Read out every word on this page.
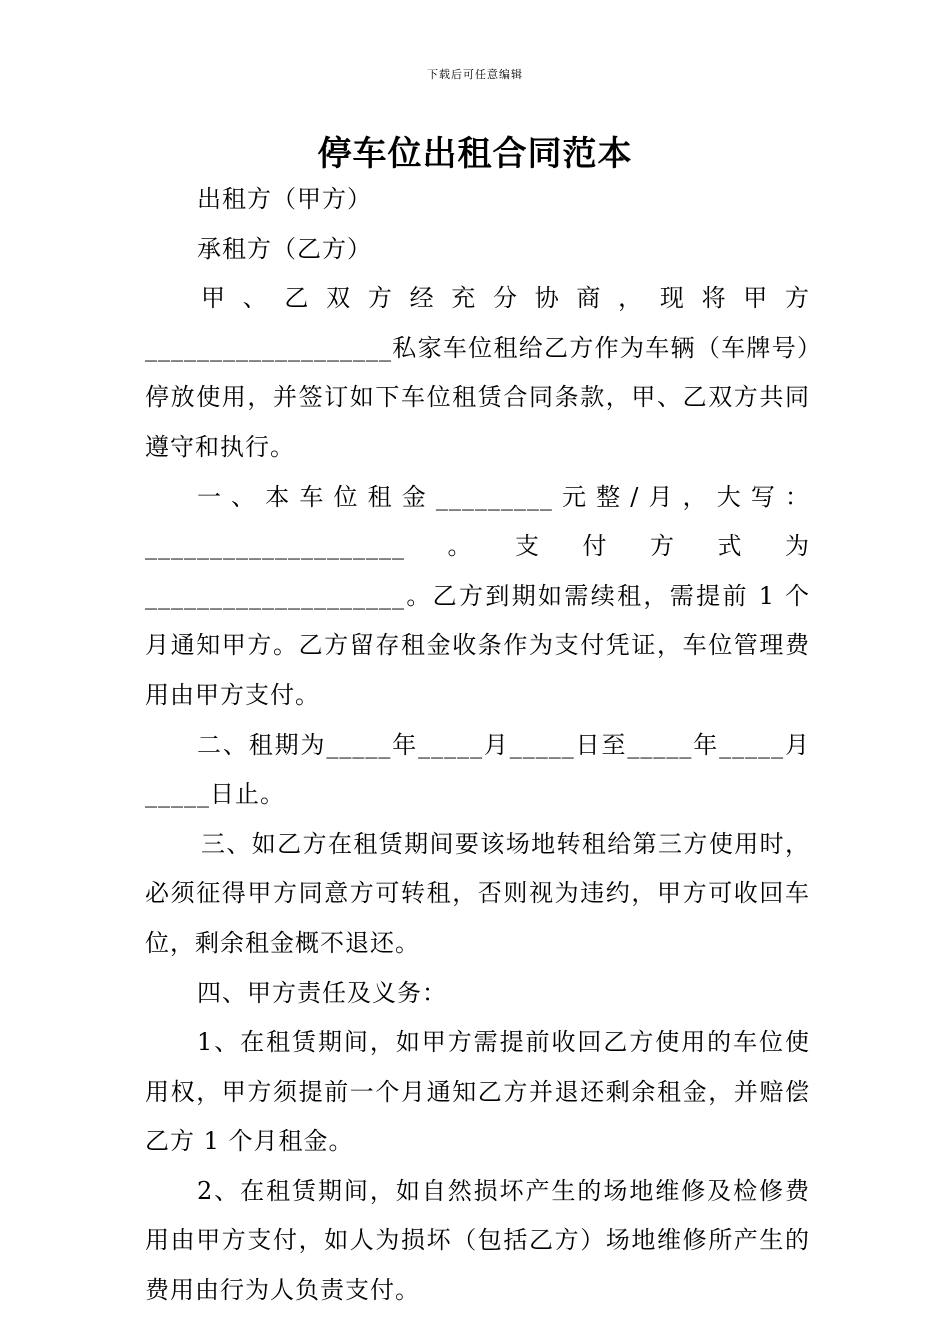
下载后可任意编辑
停车位出租合同范本

出租方（甲方）

承租方（乙方）

甲、乙双方经充分协商，现将甲方___________________私家车位租给乙方作为车辆（车牌号）停放使用，并签订如下车位租赁合同条款，甲、乙双方共同遵守和执行。

一、本车位租金_________元整/月，大写：____________________。支付方式为____________________。乙方到期如需续租，需提前 1 个月通知甲方。乙方留存租金收条作为支付凭证，车位管理费用由甲方支付。

二、租期为_____年_____月_____日至_____年_____月_____日止。

三、如乙方在租赁期间要该场地转租给第三方使用时，必须征得甲方同意方可转租，否则视为违约，甲方可收回车位，剩余租金概不退还。

四、甲方责任及义务：

1、在租赁期间，如甲方需提前收回乙方使用的车位使用权，甲方须提前一个月通知乙方并退还剩余租金，并赔偿乙方 1 个月租金。

2、在租赁期间，如自然损坏产生的场地维修及检修费用由甲方支付，如人为损坏（包括乙方）场地维修所产生的费用由行为人负责支付。
